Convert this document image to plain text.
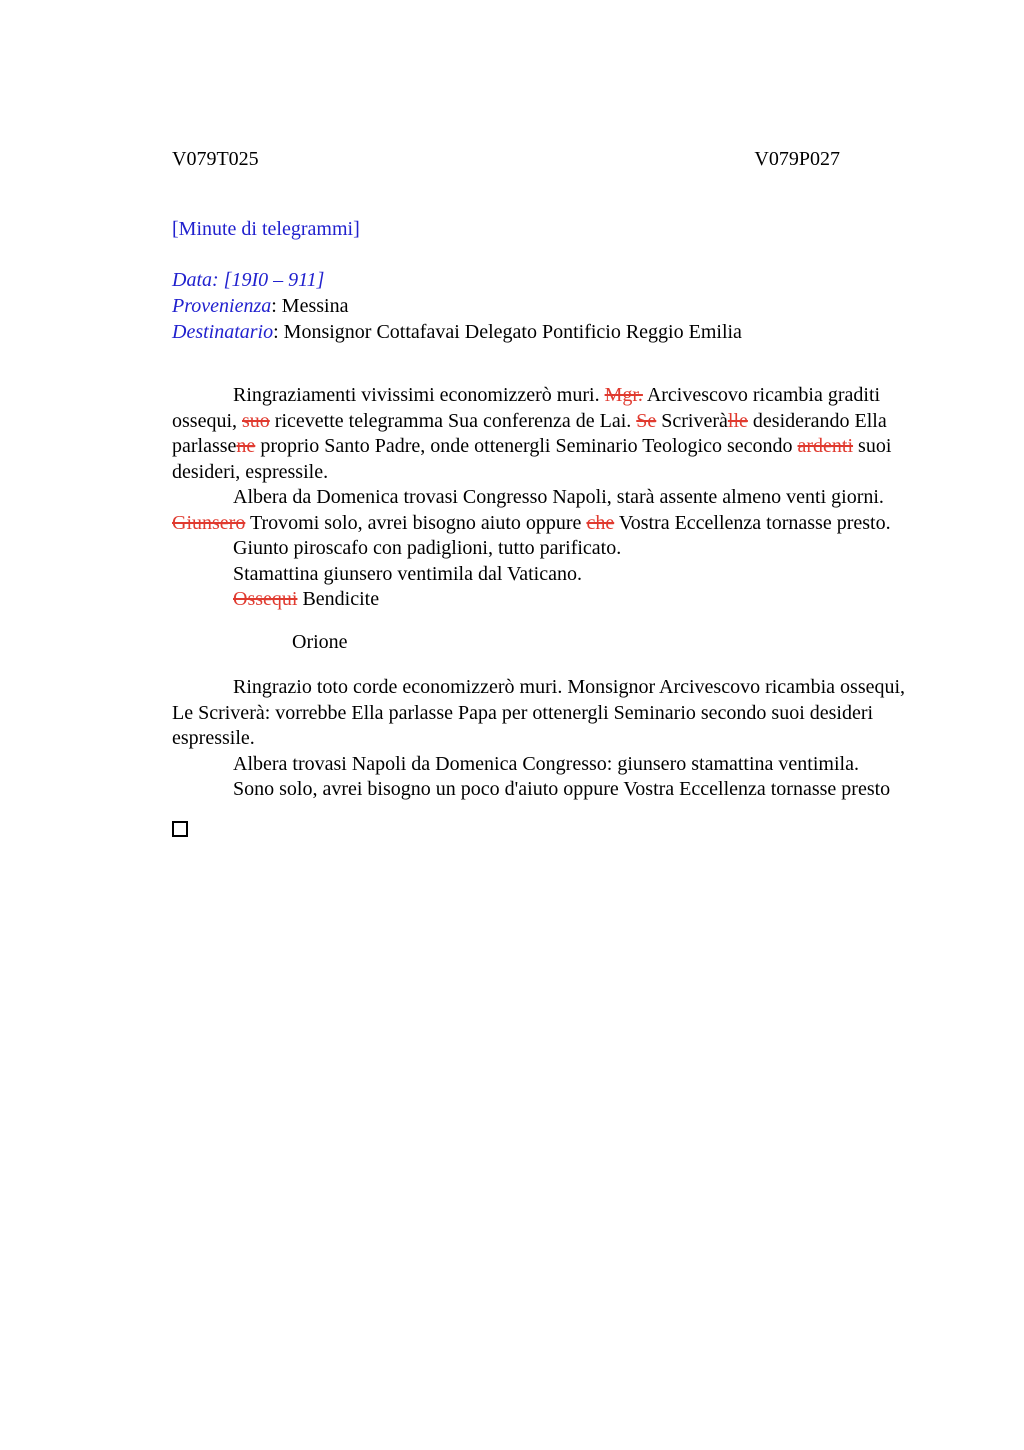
V079T025	V079P027
[Minute di telegrammi]
Data: [19I0 – 911]
Provenienza: Messina
Destinatario: Monsignor Cottafavai Delegato Pontificio Reggio Emilia
Ringraziamenti vivissimi economizzerò muri. Mgr. Arcivescovo ricambia graditi
ossequi, suo ricevette telegramma Sua conferenza de Lai. Se Scriveràlle desiderando Ella
parlassene proprio Santo Padre, onde ottenergli Seminario Teologico secondo ardenti suoi
desideri, espressile.
Albera da Domenica trovasi Congresso Napoli, starà assente almeno venti giorni.
Giunsero Trovomi solo, avrei bisogno aiuto oppure che Vostra Eccellenza tornasse presto.
Giunto piroscafo con padiglioni, tutto parificato.
Stamattina giunsero ventimila dal Vaticano.
Ossequi Bendicite
Orione
Ringrazio toto corde economizzerò muri. Monsignor Arcivescovo ricambia ossequi,
Le Scriverà: vorrebbe Ella parlasse Papa per ottenergli Seminario secondo suoi desideri
espressile.
Albera trovasi Napoli da Domenica Congresso: giunsero stamattina ventimila.
Sono solo, avrei bisogno un poco d'aiuto oppure Vostra Eccellenza tornasse presto
